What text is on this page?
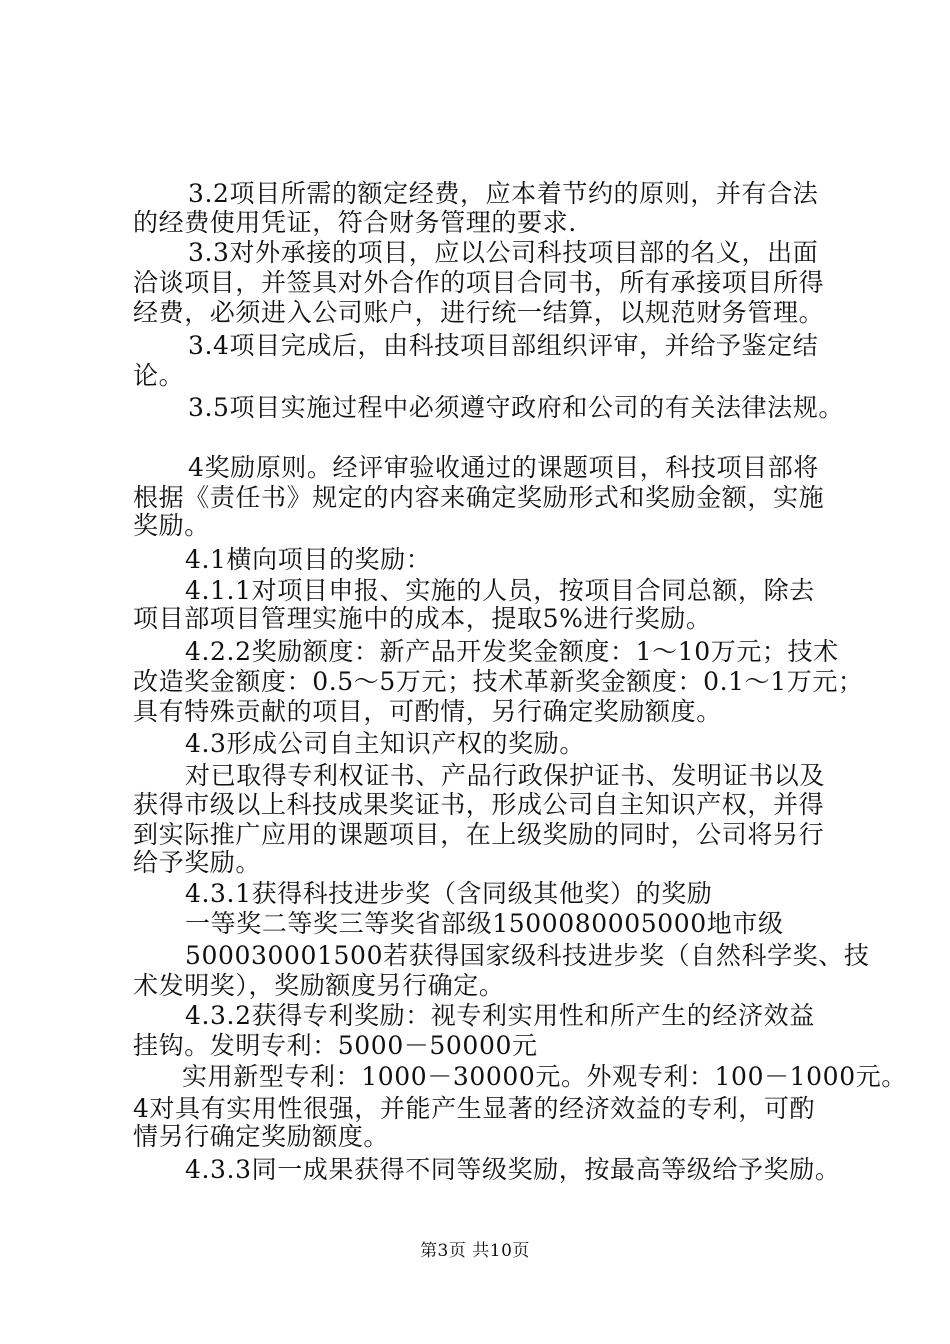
3.2项目所需的额定经费，应本着节约的原则，并有合法
的经费使用凭证，符合财务管理的要求.
3.3对外承接的项目，应以公司科技项目部的名义，出面
洽谈项目，并签具对外合作的项目合同书，所有承接项目所得
经费，必须进入公司账户，进行统一结算，以规范财务管理。
3.4项目完成后，由科技项目部组织评审，并给予鉴定结
论。
3.5项目实施过程中必须遵守政府和公司的有关法律法规。
4奖励原则。经评审验收通过的课题项目，科技项目部将
根据《责任书》规定的内容来确定奖励形式和奖励金额，实施
奖励。
4.1横向项目的奖励：
4.1.1对项目申报、实施的人员，按项目合同总额，除去
项目部项目管理实施中的成本，提取5%进行奖励。
4.2.2奖励额度：新产品开发奖金额度：1～10万元；技术
改造奖金额度：0.5～5万元；技术革新奖金额度：0.1～1万元；
具有特殊贡献的项目，可酌情，另行确定奖励额度。
4.3形成公司自主知识产权的奖励。
对已取得专利权证书、产品行政保护证书、发明证书以及
获得市级以上科技成果奖证书，形成公司自主知识产权，并得
到实际推广应用的课题项目，在上级奖励的同时，公司将另行
给予奖励。
4.3.1获得科技进步奖（含同级其他奖）的奖励
一等奖二等奖三等奖省部级1500080005000地市级
500030001500若获得国家级科技进步奖（自然科学奖、技
术发明奖），奖励额度另行确定。
4.3.2获得专利奖励：视专利实用性和所产生的经济效益
挂钩。发明专利：5000－50000元
实用新型专利：1000－30000元。外观专利：100－1000元。
4对具有实用性很强，并能产生显著的经济效益的专利，可酌
情另行确定奖励额度。
4.3.3同一成果获得不同等级奖励，按最高等级给予奖励。
第3页 共10页
